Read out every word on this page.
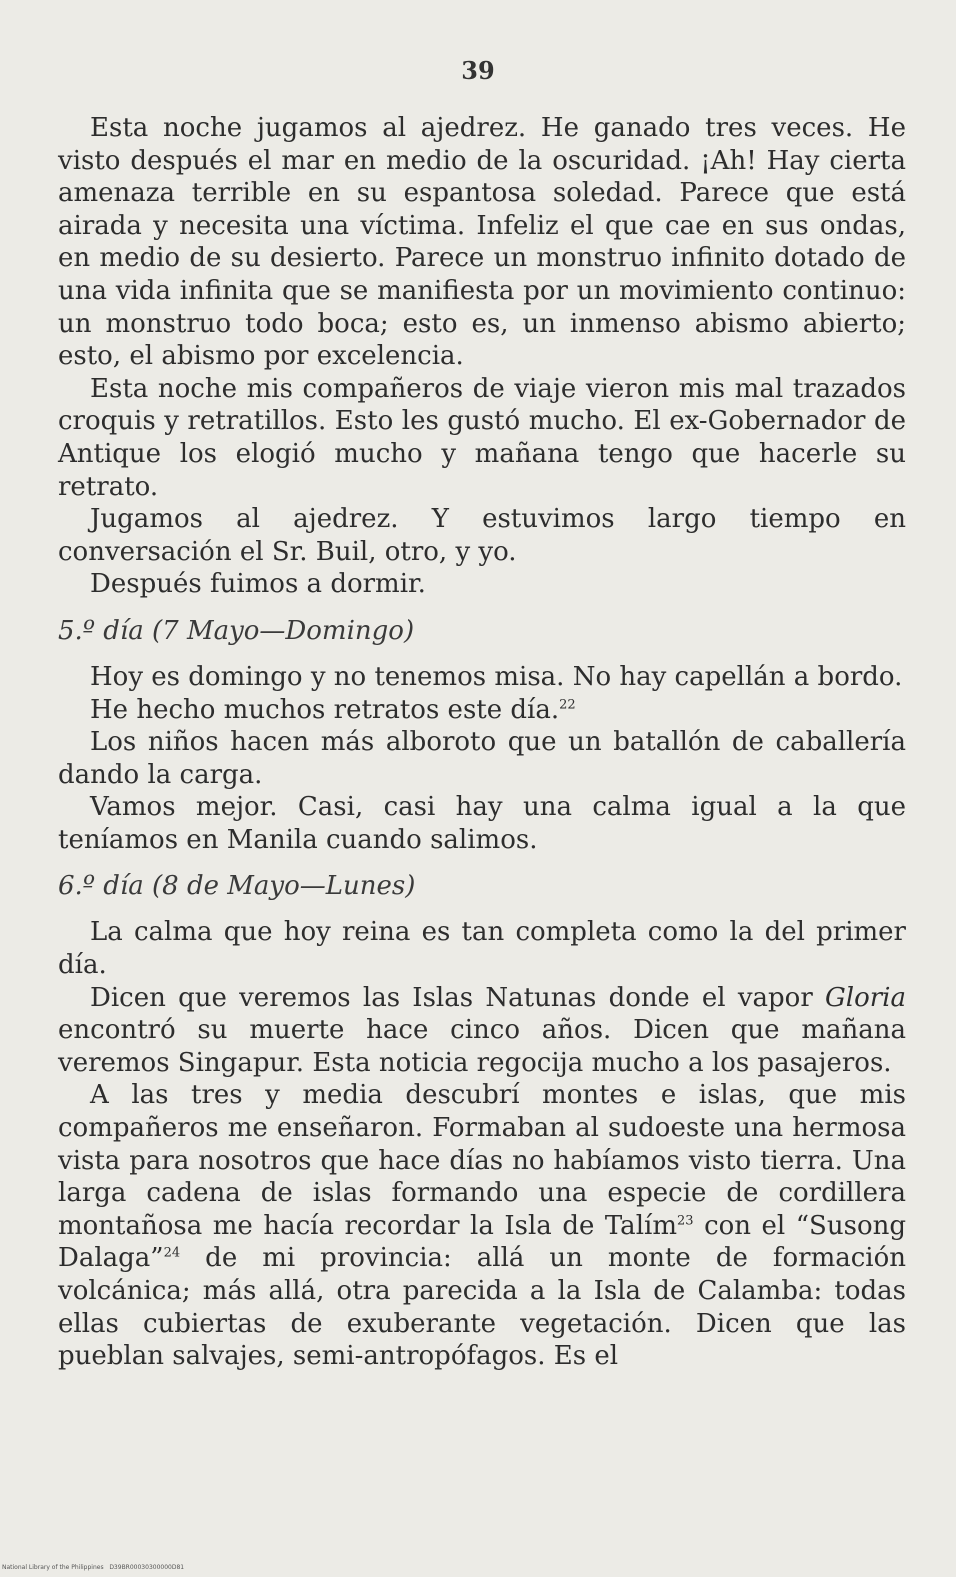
39

Esta noche jugamos al ajedrez. He ganado tres veces. He visto después el mar en medio de la oscuridad. ¡Ah! Hay cierta amenaza terrible en su espantosa soledad. Parece que está airada y necesita una víctima. Infeliz el que cae en sus ondas, en medio de su desierto. Parece un monstruo infinito dotado de una vida infinita que se manifiesta por un movimiento continuo: un monstruo todo boca; esto es, un inmenso abismo abierto; esto, el abismo por excelencia.

Esta noche mis compañeros de viaje vieron mis mal trazados croquis y retratillos. Esto les gustó mucho. El ex-Gobernador de Antique los elogió mucho y mañana tengo que hacerle su retrato.

Jugamos al ajedrez. Y estuvimos largo tiempo en conversación el Sr. Buil, otro, y yo.

Después fuimos a dormir.

5.º día (7 Mayo—Domingo)

Hoy es domingo y no tenemos misa. No hay capellán a bordo.

He hecho muchos retratos este día.$^{22}$

Los niños hacen más alboroto que un batallón de caballería dando la carga.

Vamos mejor. Casi, casi hay una calma igual a la que teníamos en Manila cuando salimos.

6.º día (8 de Mayo—Lunes)

La calma que hoy reina es tan completa como la del primer día.

Dicen que veremos las Islas Natunas donde el vapor Gloria encontró su muerte hace cinco años. Dicen que mañana veremos Singapur. Esta noticia regocija mucho a los pasajeros.

A las tres y media descubrí montes e islas, que mis compañeros me enseñaron. Formaban al sudoeste una hermosa vista para nosotros que hace días no habíamos visto tierra. Una larga cadena de islas formando una especie de cordillera montañosa me hacía recordar la Isla de Talím$^{23}$ con el “Susong Dalaga”$^{24}$ de mi provincia: allá un monte de formación volcánica; más allá, otra parecida a la Isla de Calamba: todas ellas cubiertas de exuberante vegetación. Dicen que las pueblan salvajes, semi-antropófagos. Es el

National Library of the Philippines D39BR00030300000D81
